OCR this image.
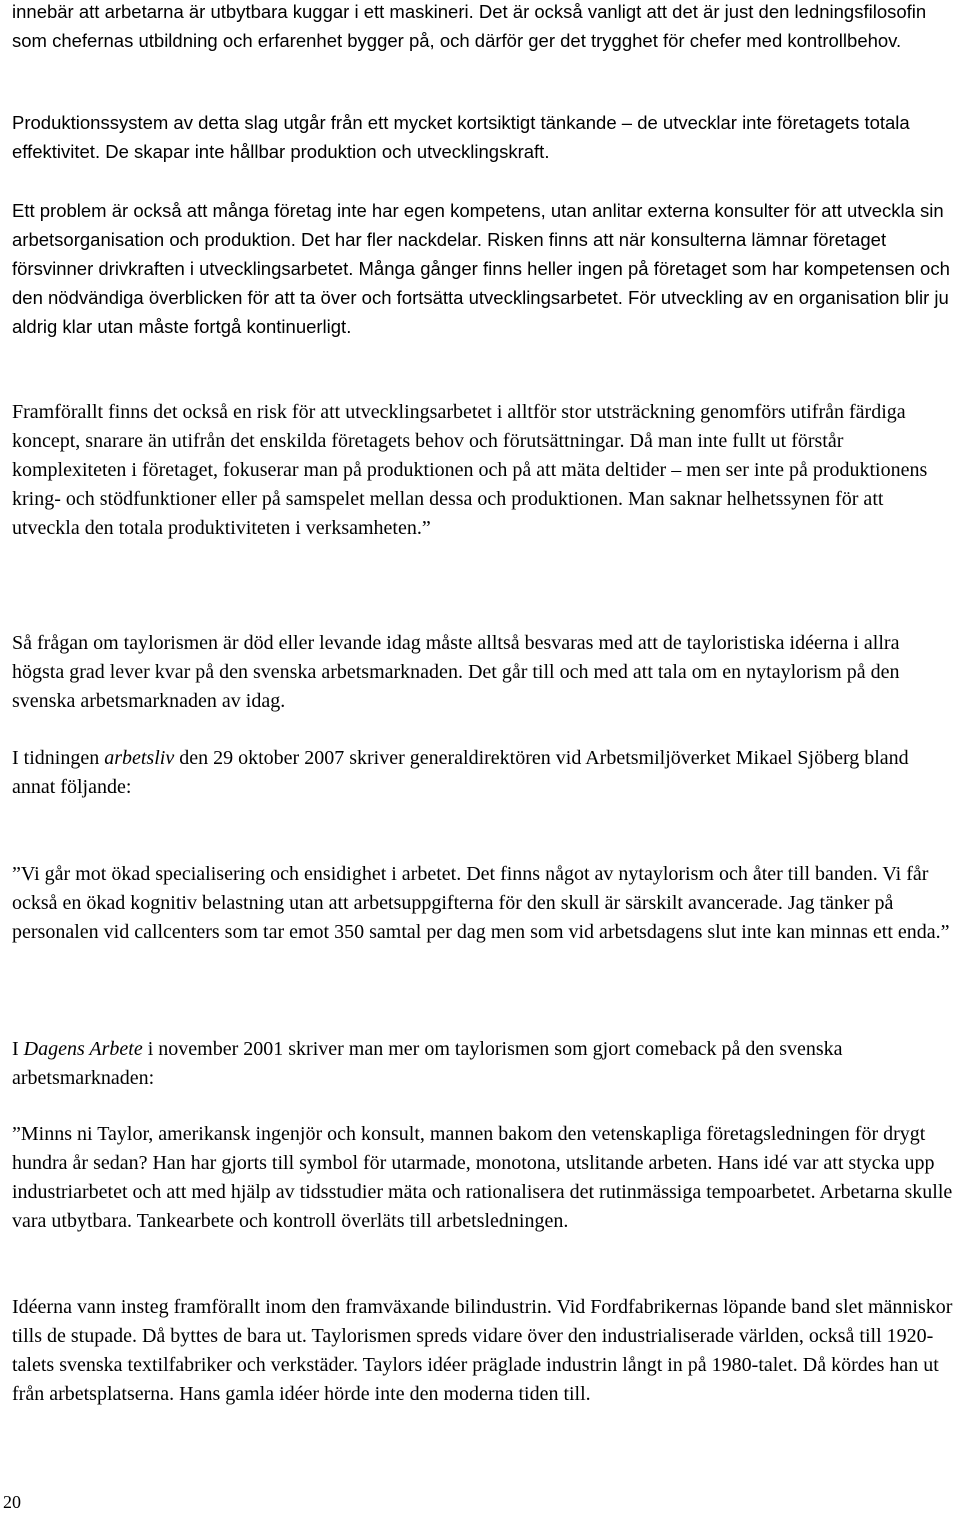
innebär att arbetarna är utbytbara kuggar i ett maskineri. Det är också vanligt att det är just den ledningsfilosofin som chefernas utbildning och erfarenhet bygger på, och därför ger det trygghet för chefer med kontrollbehov.

Produktionssystem av detta slag utgår från ett mycket kortsiktigt tänkande – de utvecklar inte företagets totala effektivitet. De skapar inte hållbar produktion och utvecklingskraft.

Ett problem är också att många företag inte har egen kompetens, utan anlitar externa konsulter för att utveckla sin arbetsorganisation och produktion. Det har fler nackdelar. Risken finns att när konsulterna lämnar företaget försvinner drivkraften i utvecklingsarbetet. Många gånger finns heller ingen på företaget som har kompetensen och den nödvändiga överblicken för att ta över och fortsätta utvecklingsarbetet. För utveckling av en organisation blir ju aldrig klar utan måste fortgå kontinuerligt.

Framförallt finns det också en risk för att utvecklingsarbetet i alltför stor utsträckning genomförs utifrån färdiga koncept, snarare än utifrån det enskilda företagets behov och förutsättningar. Då man inte fullt ut förstår komplexiteten i företaget, fokuserar man på produktionen och på att mäta deltider – men ser inte på produktionens kring- och stödfunktioner eller på samspelet mellan dessa och produktionen. Man saknar helhetssynen för att utveckla den totala produktiviteten i verksamheten.”

Så frågan om taylorismen är död eller levande idag måste alltså besvaras med att de tayloristiska idéerna i allra högsta grad lever kvar på den svenska arbetsmarknaden. Det går till och med att tala om en nytaylorism på den svenska arbetsmarknaden av idag.

I tidningen arbetsliv den 29 oktober 2007 skriver generaldirektören vid Arbetsmiljöverket Mikael Sjöberg bland annat följande:

”Vi går mot ökad specialisering och ensidighet i arbetet. Det finns något av nytaylorism och åter till banden. Vi får också en ökad kognitiv belastning utan att arbetsuppgifterna för den skull är särskilt avancerade. Jag tänker på personalen vid callcenters som tar emot 350 samtal per dag men som vid arbetsdagens slut inte kan minnas ett enda.”

I Dagens Arbete i november 2001 skriver man mer om taylorismen som gjort comeback på den svenska arbetsmarknaden:

”Minns ni Taylor, amerikansk ingenjör och konsult, mannen bakom den vetenskapliga företagsledningen för drygt hundra år sedan? Han har gjorts till symbol för utarmade, monotona, utslitande arbeten. Hans idé var att stycka upp industriarbetet och att med hjälp av tidsstudier mäta och rationalisera det rutinmässiga tempoarbetet. Arbetarna skulle vara utbytbara. Tankearbete och kontroll överläts till arbetsledningen.

Idéerna vann insteg framförallt inom den framväxande bilindustrin. Vid Fordfabrikernas löpande band slet människor tills de stupade. Då byttes de bara ut. Taylorismen spreds vidare över den industrialiserade världen, också till 1920-talets svenska textilfabriker och verkstäder. Taylors idéer präglade industrin långt in på 1980-talet. Då kördes han ut från arbetsplatserna. Hans gamla idéer hörde inte den moderna tiden till.

20
